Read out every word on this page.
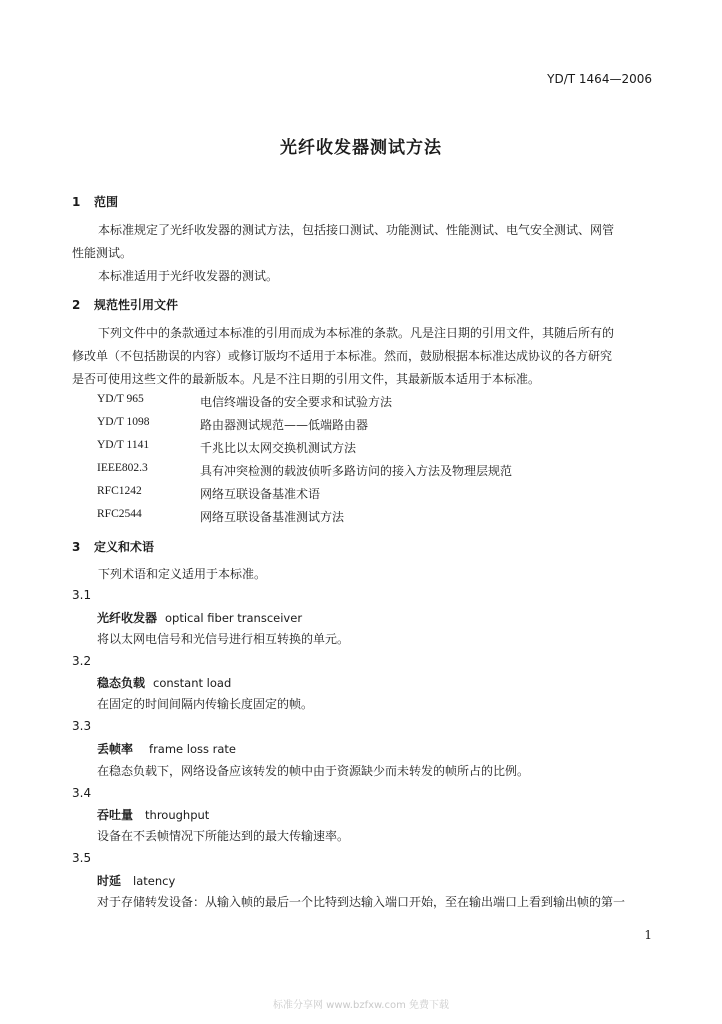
YD/T 1464—2006
光纤收发器测试方法
1 范围
本标准规定了光纤收发器的测试方法，包括接口测试、功能测试、性能测试、电气安全测试、网管
性能测试。
本标准适用于光纤收发器的测试。
2 规范性引用文件
下列文件中的条款通过本标准的引用而成为本标准的条款。凡是注日期的引用文件，其随后所有的
修改单（不包括勘误的内容）或修订版均不适用于本标准。然而，鼓励根据本标准达成协议的各方研究
是否可使用这些文件的最新版本。凡是不注日期的引用文件，其最新版本适用于本标准。
YD/T 965	电信终端设备的安全要求和试验方法
YD/T 1098	路由器测试规范——低端路由器
YD/T 1141	千兆比以太网交换机测试方法
IEEE802.3	具有冲突检测的载波侦听多路访问的接入方法及物理层规范
RFC1242	网络互联设备基准术语
RFC2544	网络互联设备基准测试方法
3 定义和术语
下列术语和定义适用于本标准。
3.1
光纤收发器 optical fiber transceiver
将以太网电信号和光信号进行相互转换的单元。
3.2
稳态负载 constant load
在固定的时间间隔内传输长度固定的帧。
3.3
丢帧率 frame loss rate
在稳态负载下，网络设备应该转发的帧中由于资源缺少而未转发的帧所占的比例。
3.4
吞吐量 throughput
设备在不丢帧情况下所能达到的最大传输速率。
3.5
时延 latency
对于存储转发设备：从输入帧的最后一个比特到达输入端口开始，至在输出端口上看到输出帧的第一
1
标准分享网 www.bzfxw.com 免费下载
